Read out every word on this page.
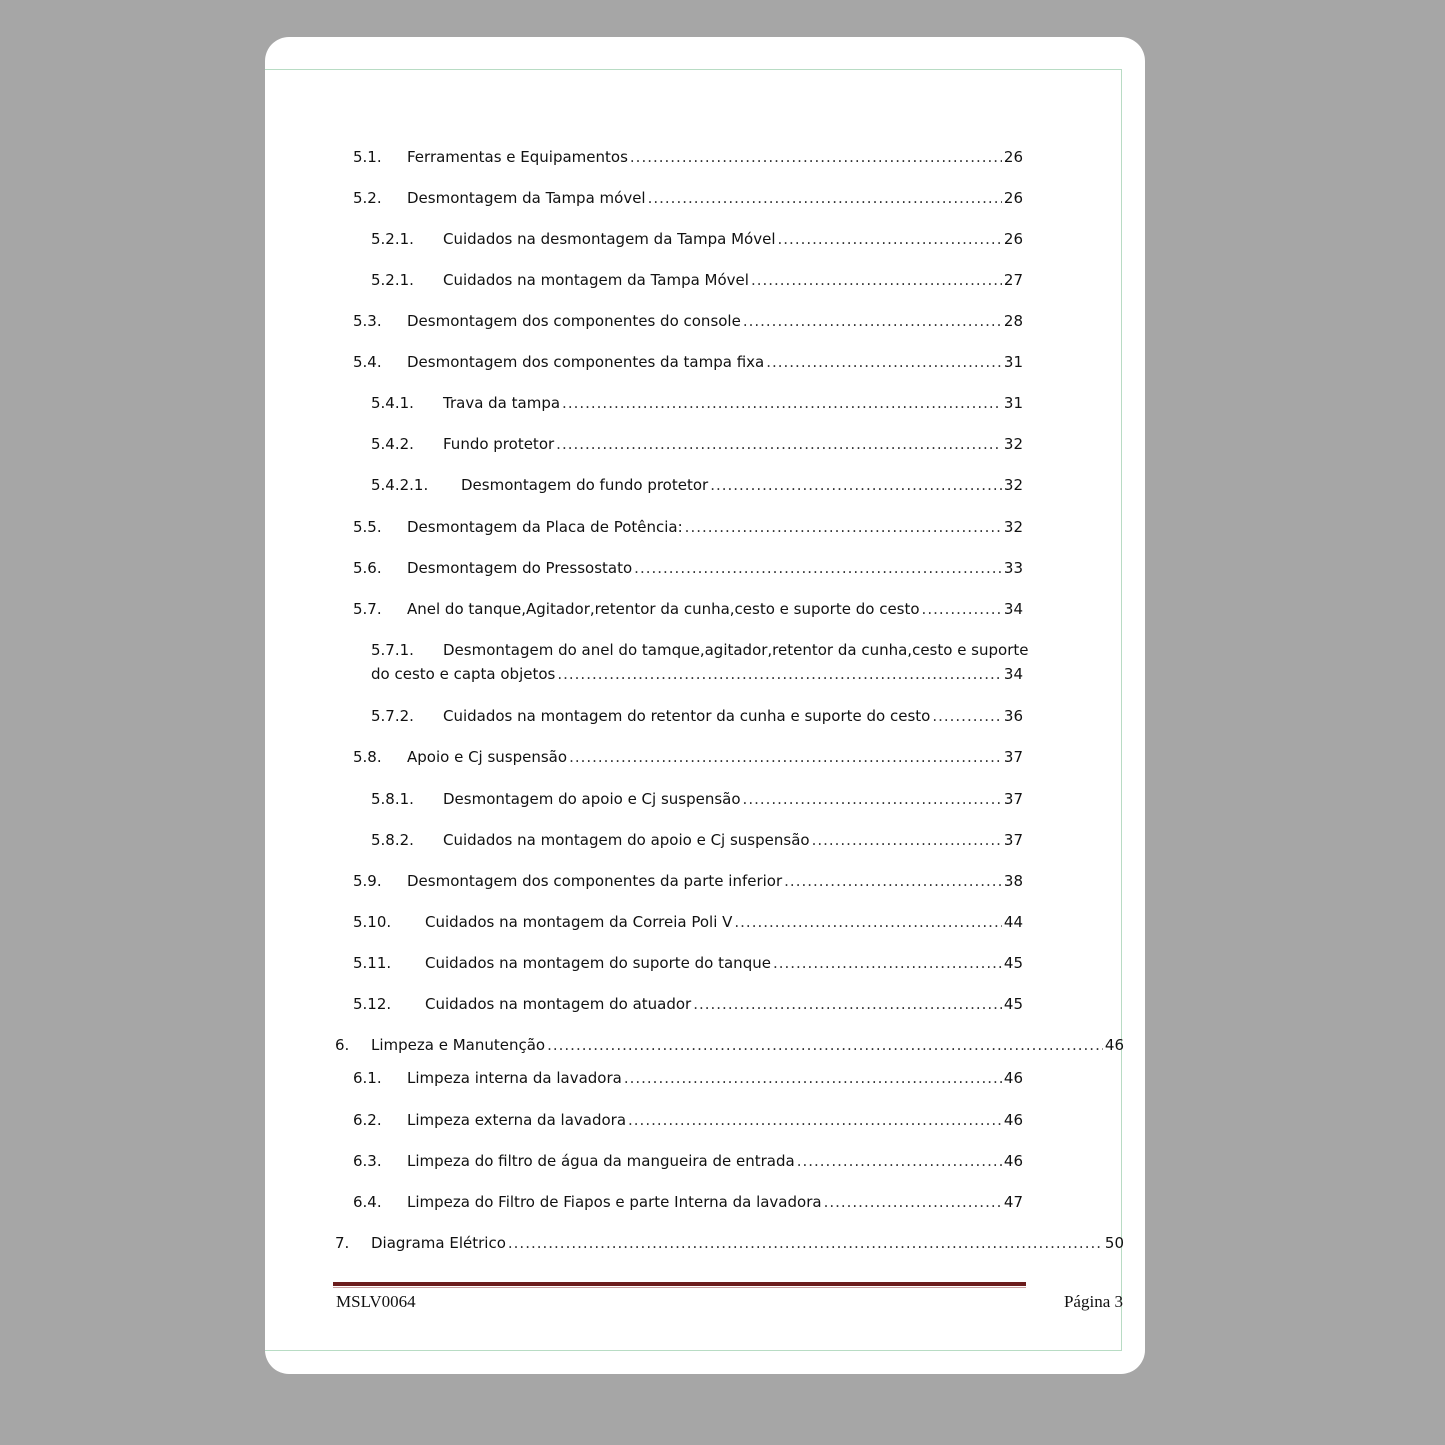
5.1.	Ferramentas e Equipamentos .....	26
5.2.	Desmontagem da Tampa móvel .....	26
5.2.1.	Cuidados na desmontagem da Tampa Móvel .....	26
5.2.1.	Cuidados na montagem da Tampa Móvel .....	27
5.3.	Desmontagem dos componentes do console .....	28
5.4.	Desmontagem dos componentes da tampa fixa .....	31
5.4.1.	Trava da tampa .....	31
5.4.2.	Fundo protetor .....	32
5.4.2.1.	Desmontagem do fundo protetor .....	32
5.5.	Desmontagem da Placa de Potência: .....	32
5.6.	Desmontagem do Pressostato .....	33
5.7.	Anel do tanque,Agitador,retentor da cunha,cesto e suporte do cesto .....	34
5.7.1.	Desmontagem do anel do tamque,agitador,retentor da cunha,cesto e suporte
do cesto e capta objetos .....	34
5.7.2.	Cuidados na montagem do retentor da cunha e suporte do cesto .....	36
5.8.	Apoio e Cj suspensão .....	37
5.8.1.	Desmontagem do apoio e Cj suspensão .....	37
5.8.2.	Cuidados na montagem do apoio e Cj suspensão .....	37
5.9.	Desmontagem dos componentes da parte inferior .....	38
5.10.	Cuidados na montagem da Correia Poli V .....	44
5.11.	Cuidados na montagem do suporte do tanque .....	45
5.12.	Cuidados na montagem do atuador .....	45
6.	Limpeza e Manutenção .....	46
6.1.	Limpeza interna da lavadora .....	46
6.2.	Limpeza externa da lavadora .....	46
6.3.	Limpeza do filtro de água da mangueira de entrada .....	46
6.4.	Limpeza do Filtro de Fiapos e parte Interna da lavadora .....	47
7.	Diagrama Elétrico .....	50
MSLV0064	Página 3
